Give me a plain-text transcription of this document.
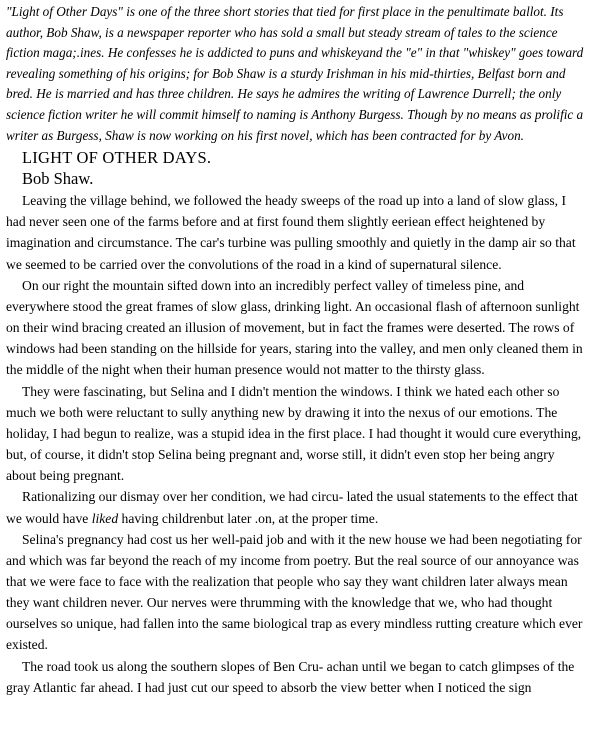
"Light of Other Days" is one of the three short stories that tied for first place in the penultimate ballot. Its author, Bob Shaw, is a newspaper reporter who has sold a small but steady stream of tales to the science fiction maga;.ines. He confesses he is addicted to puns and whiskeyand the "e" in that "whiskey" goes toward revealing something of his origins; for Bob Shaw is a sturdy Irishman in his mid-thirties, Belfast born and bred. He is married and has three children. He says he admires the writing of Lawrence Durrell; the only science fiction writer he will commit himself to naming is Anthony Burgess. Though by no means as prolific a writer as Burgess, Shaw is now working on his first novel, which has been contracted for by Avon.

LIGHT OF OTHER DAYS.
Bob Shaw.

Leaving the village behind, we followed the heady sweeps of the road up into a land of slow glass, I had never seen one of the farms before and at first found them slightly eeriean effect heightened by imagination and circumstance. The car's turbine was pulling smoothly and quietly in the damp air so that we seemed to be carried over the convolutions of the road in a kind of supernatural silence.

On our right the mountain sifted down into an incredibly perfect valley of timeless pine, and everywhere stood the great frames of slow glass, drinking light. An occasional flash of afternoon sunlight on their wind bracing created an illusion of movement, but in fact the frames were deserted. The rows of windows had been standing on the hillside for years, staring into the valley, and men only cleaned them in the middle of the night when their human presence would not matter to the thirsty glass.

They were fascinating, but Selina and I didn't mention the windows. I think we hated each other so much we both were reluctant to sully anything new by drawing it into the nexus of our emotions. The holiday, I had begun to realize, was a stupid idea in the first place. I had thought it would cure everything, but, of course, it didn't stop Selina being pregnant and, worse still, it didn't even stop her being angry about being pregnant.

Rationalizing our dismay over her condition, we had circu- lated the usual statements to the effect that we would have liked having childrenbut later .on, at the proper time.

Selina's pregnancy had cost us her well-paid job and with it the new house we had been negotiating for and which was far beyond the reach of my income from poetry. But the real source of our annoyance was that we were face to face with the realization that people who say they want children later always mean they want children never. Our nerves were thrumming with the knowledge that we, who had thought ourselves so unique, had fallen into the same biological trap as every mindless rutting creature which ever existed.

The road took us along the southern slopes of Ben Cru- achan until we began to catch glimpses of the gray Atlantic far ahead. I had just cut our speed to absorb the view better when I noticed the sign
